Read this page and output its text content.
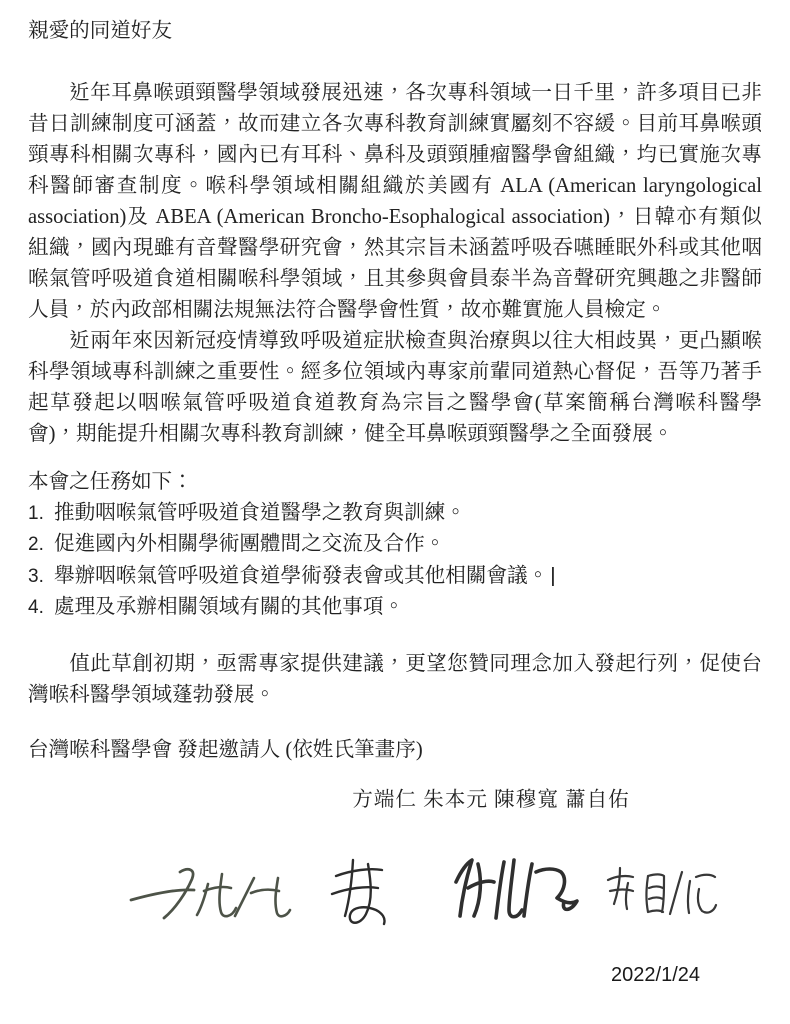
親愛的同道好友

近年耳鼻喉頭頸醫學領域發展迅速，各次專科領域一日千里，許多項目已非昔日訓練制度可涵蓋，故而建立各次專科教育訓練實屬刻不容緩。目前耳鼻喉頭頸專科相關次專科，國內已有耳科、鼻科及頭頸腫瘤醫學會組織，均已實施次專科醫師審查制度。喉科學領域相關組織於美國有 ALA (American laryngological association)及 ABEA (American Broncho-Esophalogical association)，日韓亦有類似組織，國內現雖有音聲醫學研究會，然其宗旨未涵蓋呼吸吞嚥睡眠外科或其他咽喉氣管呼吸道食道相關喉科學領域，且其參與會員泰半為音聲研究興趣之非醫師人員，於內政部相關法規無法符合醫學會性質，故亦難實施人員檢定。

近兩年來因新冠疫情導致呼吸道症狀檢查與治療與以往大相歧異，更凸顯喉科學領域專科訓練之重要性。經多位領域內專家前輩同道熱心督促，吾等乃著手起草發起以咽喉氣管呼吸道食道教育為宗旨之醫學會(草案簡稱台灣喉科醫學會)，期能提升相關次專科教育訓練，健全耳鼻喉頭頸醫學之全面發展。

本會之任務如下：

1. 推動咽喉氣管呼吸道食道醫學之教育與訓練。

2. 促進國內外相關學術團體間之交流及合作。

3. 舉辦咽喉氣管呼吸道食道學術發表會或其他相關會議。|

4. 處理及承辦相關領域有關的其他事項。

值此草創初期，亟需專家提供建議，更望您贊同理念加入發起行列，促使台灣喉科醫學領域蓬勃發展。

台灣喉科醫學會 發起邀請人 (依姓氏筆畫序)

方端仁 朱本元 陳穆寬 蕭自佑

2022/1/24
